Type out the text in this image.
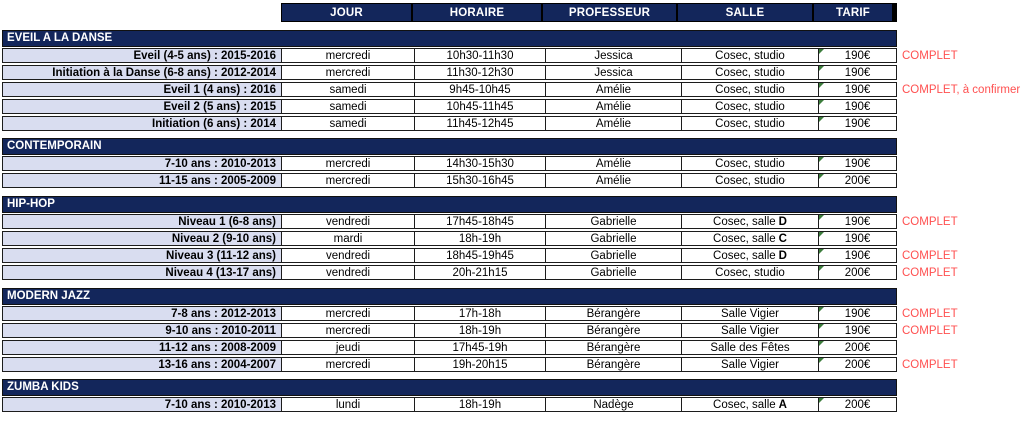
JOUR	HORAIRE	PROFESSEUR	SALLE	TARIF
EVEIL A LA DANSE
Eveil (4-5 ans) : 2015-2016	mercredi	10h30-11h30	Jessica	Cosec, studio	190€	COMPLET
Initiation à la Danse (6-8 ans) : 2012-2014	mercredi	11h30-12h30	Jessica	Cosec, studio	190€
Eveil 1 (4 ans) : 2016	samedi	9h45-10h45	Amélie	Cosec, studio	190€	COMPLET, à confirmer
Eveil 2 (5 ans) : 2015	samedi	10h45-11h45	Amélie	Cosec, studio	190€
Initiation (6 ans) : 2014	samedi	11h45-12h45	Amélie	Cosec, studio	190€
CONTEMPORAIN
7-10 ans : 2010-2013	mercredi	14h30-15h30	Amélie	Cosec, studio	190€
11-15 ans : 2005-2009	mercredi	15h30-16h45	Amélie	Cosec, studio	200€
HIP-HOP
Niveau 1 (6-8 ans)	vendredi	17h45-18h45	Gabrielle	Cosec, salle D	190€	COMPLET
Niveau 2 (9-10 ans)	mardi	18h-19h	Gabrielle	Cosec, salle C	190€
Niveau 3 (11-12 ans)	vendredi	18h45-19h45	Gabrielle	Cosec, salle D	190€	COMPLET
Niveau 4 (13-17 ans)	vendredi	20h-21h15	Gabrielle	Cosec, studio	200€	COMPLET
MODERN JAZZ
7-8 ans : 2012-2013	mercredi	17h-18h	Bérangère	Salle Vigier	190€	COMPLET
9-10 ans : 2010-2011	mercredi	18h-19h	Bérangère	Salle Vigier	190€	COMPLET
11-12 ans : 2008-2009	jeudi	17h45-19h	Bérangère	Salle des Fêtes	200€
13-16 ans : 2004-2007	mercredi	19h-20h15	Bérangère	Salle Vigier	200€	COMPLET
ZUMBA KIDS
7-10 ans : 2010-2013	lundi	18h-19h	Nadège	Cosec, salle A	200€
